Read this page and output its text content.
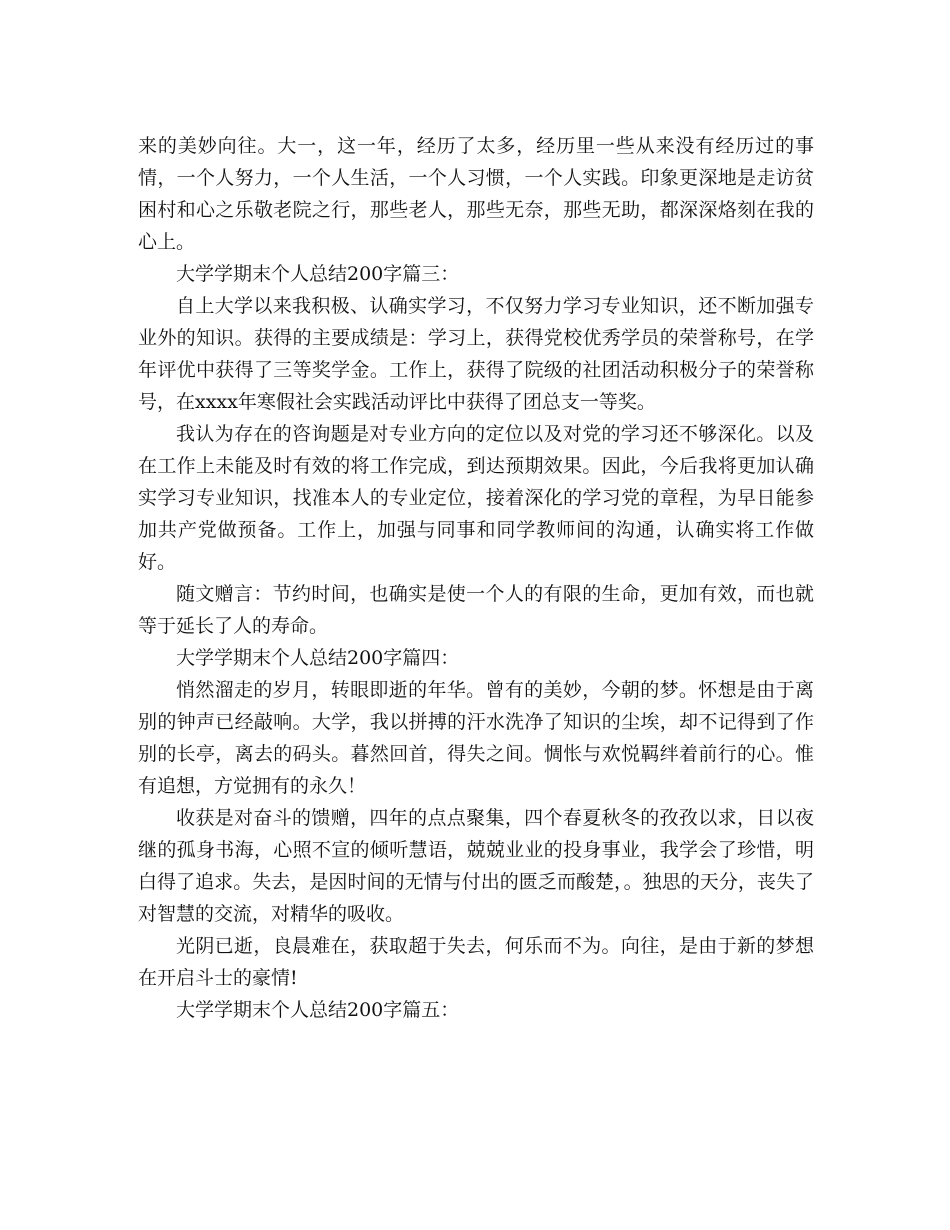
来的美妙向往。大一，这一年，经历了太多，经历里一些从来没有经历过的事情，一个人努力，一个人生活，一个人习惯，一个人实践。印象更深地是走访贫困村和心之乐敬老院之行，那些老人，那些无奈，那些无助，都深深烙刻在我的心上。

大学学期末个人总结200字篇三：

自上大学以来我积极、认确实学习，不仅努力学习专业知识，还不断加强专业外的知识。获得的主要成绩是：学习上，获得党校优秀学员的荣誉称号，在学年评优中获得了三等奖学金。工作上，获得了院级的社团活动积极分子的荣誉称号，在xxxx年寒假社会实践活动评比中获得了团总支一等奖。

我认为存在的咨询题是对专业方向的定位以及对党的学习还不够深化。以及在工作上未能及时有效的将工作完成，到达预期效果。因此，今后我将更加认确实学习专业知识，找准本人的专业定位，接着深化的学习党的章程，为早日能参加共产党做预备。工作上，加强与同事和同学教师间的沟通，认确实将工作做好。

随文赠言：节约时间，也确实是使一个人的有限的生命，更加有效，而也就等于延长了人的寿命。

大学学期末个人总结200字篇四：

悄然溜走的岁月，转眼即逝的年华。曾有的美妙，今朝的梦。怀想是由于离别的钟声已经敲响。大学，我以拼搏的汗水洗净了知识的尘埃，却不记得到了作别的长亭，离去的码头。暮然回首，得失之间。惆怅与欢悦羁绊着前行的心。惟有追想，方觉拥有的永久！

收获是对奋斗的馈赠，四年的点点聚集，四个春夏秋冬的孜孜以求，日以夜继的孤身书海，心照不宣的倾听慧语，兢兢业业的投身事业，我学会了珍惜，明白得了追求。失去，是因时间的无情与付出的匮乏而酸楚，。独思的天分，丧失了对智慧的交流，对精华的吸收。

光阴已逝，良晨难在，获取超于失去，何乐而不为。向往，是由于新的梦想在开启斗士的豪情!

大学学期末个人总结200字篇五：
